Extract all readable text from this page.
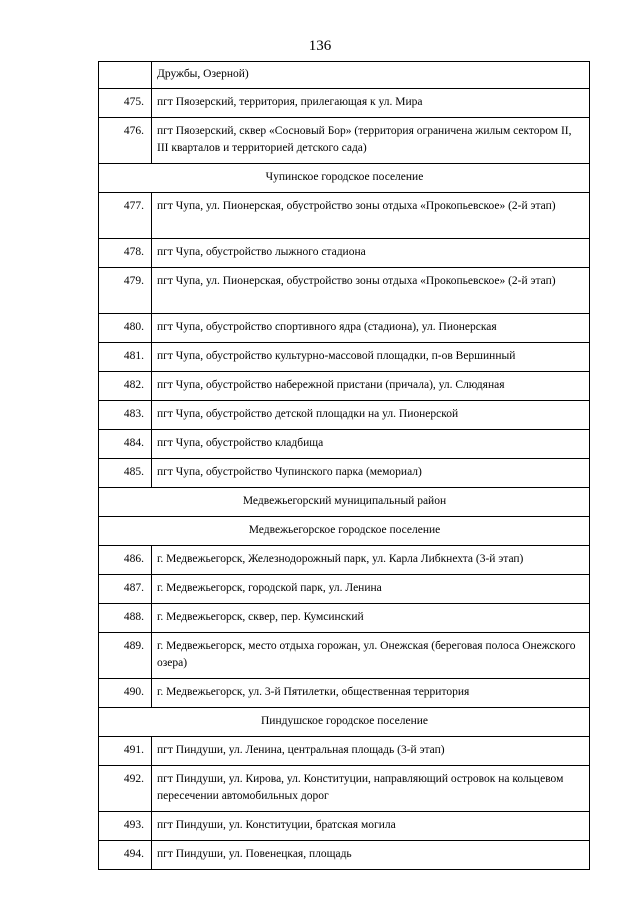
136
	Дружбы, Озерной)
475.	пгт Пяозерский, территория, прилегающая к ул. Мира
476.	пгт Пяозерский, сквер «Сосновый Бор» (территория ограничена жилым сектором II, III кварталов и территорией детского сада)
Чупинское городское поселение	
477.	пгт Чупа, ул. Пионерская, обустройство зоны отдыха «Прокопьевское» (2-й этап)
478.	пгт Чупа, обустройство лыжного стадиона
479.	пгт Чупа, ул. Пионерская, обустройство зоны отдыха «Прокопьевское» (2-й этап)
480.	пгт Чупа, обустройство спортивного ядра (стадиона), ул. Пионерская
481.	пгт Чупа, обустройство культурно-массовой площадки, п-ов Вершинный
482.	пгт Чупа, обустройство набережной пристани (причала), ул. Слюдяная
483.	пгт Чупа, обустройство детской площадки на ул. Пионерской
484.	пгт Чупа, обустройство кладбища
485.	пгт Чупа, обустройство Чупинского парка (мемориал)
Медвежьегорский муниципальный район	
Медвежьегорское городское поселение	
486.	г. Медвежьегорск, Железнодорожный парк, ул. Карла Либкнехта (3-й этап)
487.	г. Медвежьегорск, городской парк, ул. Ленина
488.	г. Медвежьегорск, сквер, пер. Кумсинский
489.	г. Медвежьегорск, место отдыха горожан, ул. Онежская (береговая полоса Онежского озера)
490.	г. Медвежьегорск, ул. 3-й Пятилетки, общественная территория
Пиндушское городское поселение	
491.	пгт Пиндуши, ул. Ленина, центральная площадь (3-й этап)
492.	пгт Пиндуши, ул. Кирова, ул. Конституции, направляющий островок на кольцевом пересечении автомобильных дорог
493.	пгт Пиндуши, ул. Конституции, братская могила
494.	пгт Пиндуши, ул. Повенецкая, площадь
